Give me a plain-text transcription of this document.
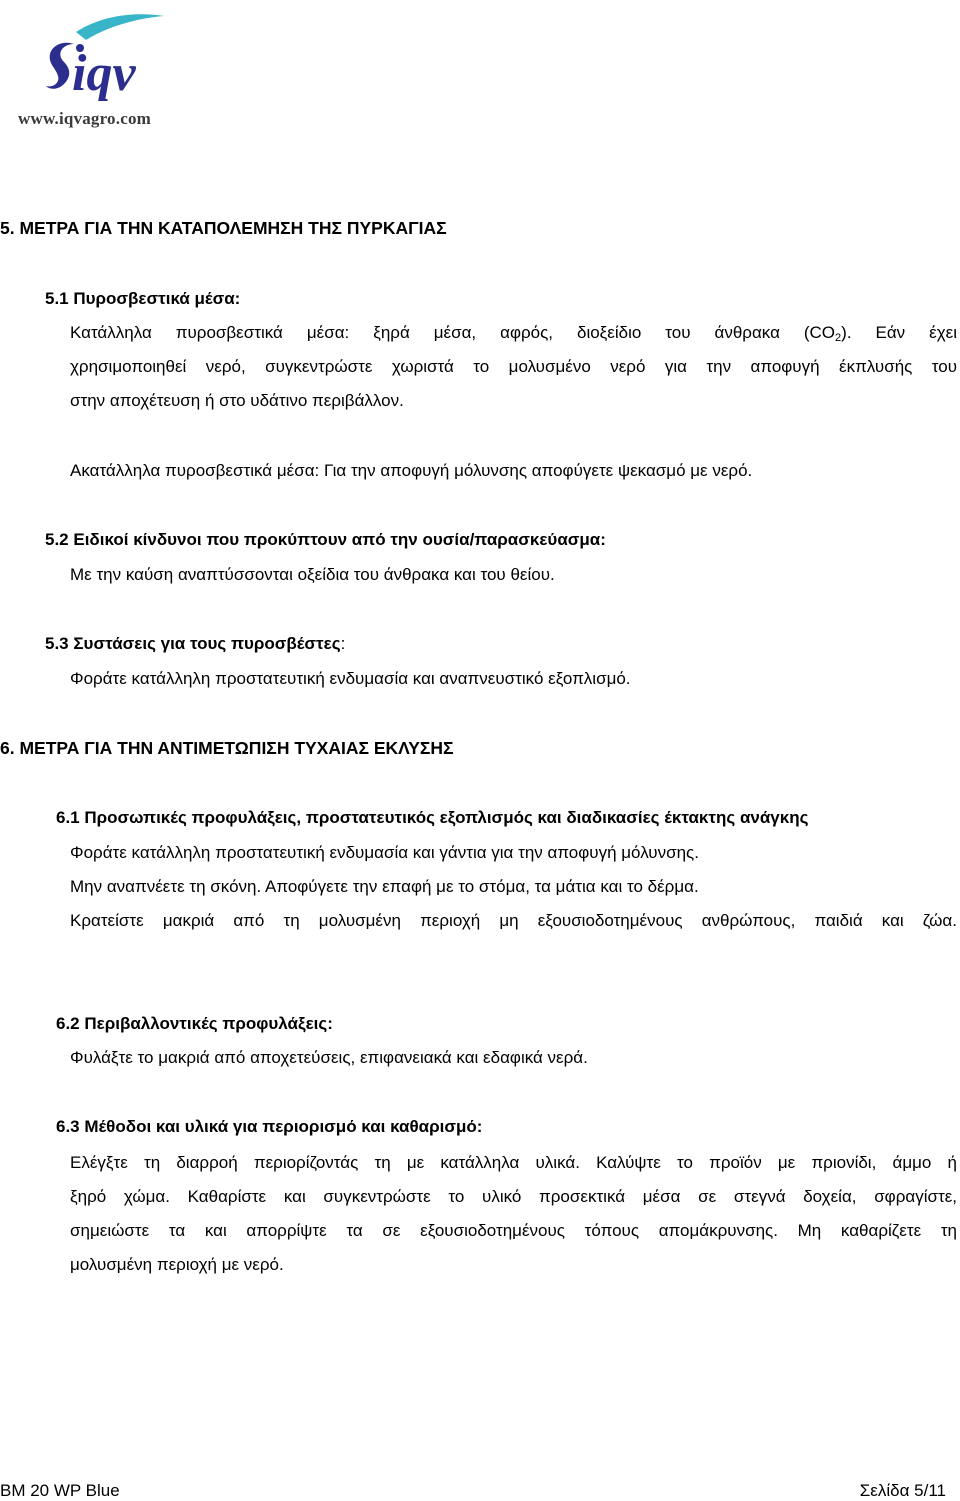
iqv
www.iqvagro.com
5. ΜΕΤΡΑ ΓΙΑ ΤΗΝ ΚΑΤΑΠΟΛΕΜΗΣΗ ΤΗΣ ΠΥΡΚΑΓΙΑΣ
5.1 Πυροσβεστικά μέσα:
Κατάλληλα πυροσβεστικά μέσα: ξηρά μέσα, αφρός, διοξείδιο του άνθρακα $(CO_2)$. Εάν έχει
χρησιμοποιηθεί νερό, συγκεντρώστε χωριστά το μολυσμένο νερό για την αποφυγή έκπλυσής του
στην αποχέτευση ή στο υδάτινο περιβάλλον.
Ακατάλληλα πυροσβεστικά μέσα: Για την αποφυγή μόλυνσης αποφύγετε ψεκασμό με νερό.
5.2 Ειδικοί κίνδυνοι που προκύπτουν από την ουσία/παρασκεύασμα:
Με την καύση αναπτύσσονται οξείδια του άνθρακα και του θείου.
5.3 Συστάσεις για τους πυροσβέστες:
Φοράτε κατάλληλη προστατευτική ενδυμασία και αναπνευστικό εξοπλισμό.
6. ΜΕΤΡΑ ΓΙΑ ΤΗΝ ΑΝΤΙΜΕΤΩΠΙΣΗ ΤΥΧΑΙΑΣ ΕΚΛΥΣΗΣ
6.1 Προσωπικές προφυλάξεις, προστατευτικός εξοπλισμός και διαδικασίες έκτακτης ανάγκης
Φοράτε κατάλληλη προστατευτική ενδυμασία και γάντια για την αποφυγή μόλυνσης.
Μην αναπνέετε τη σκόνη. Αποφύγετε την επαφή με το στόμα, τα μάτια και το δέρμα.
Κρατείστε μακριά από τη μολυσμένη περιοχή μη εξουσιοδοτημένους ανθρώπους, παιδιά και ζώα.
6.2 Περιβαλλοντικές προφυλάξεις:
Φυλάξτε το μακριά από αποχετεύσεις, επιφανειακά και εδαφικά νερά.
6.3 Μέθοδοι και υλικά για περιορισμό και καθαρισμό:
Ελέγξτε τη διαρροή περιορίζοντάς τη με κατάλληλα υλικά. Καλύψτε το προϊόν με πριονίδι, άμμο ή
ξηρό χώμα. Καθαρίστε και συγκεντρώστε το υλικό προσεκτικά μέσα σε στεγνά δοχεία, σφραγίστε,
σημειώστε τα και απορρίψτε τα σε εξουσιοδοτημένους τόπους απομάκρυνσης. Μη καθαρίζετε τη
μολυσμένη περιοχή με νερό.
BM 20 WP Blue	Σελίδα 5/11
